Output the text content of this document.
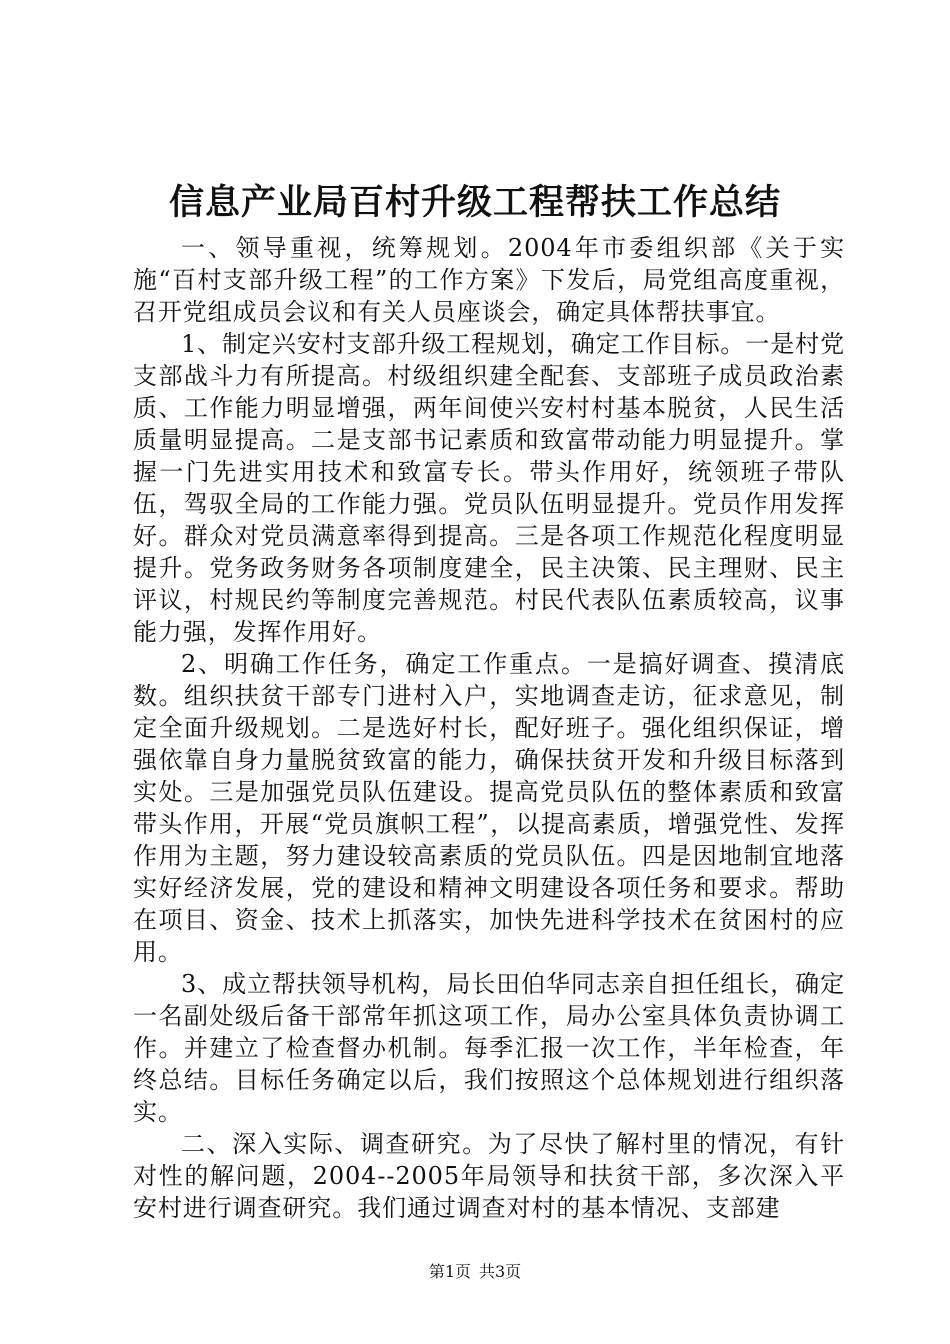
信息产业局百村升级工程帮扶工作总结

一、领导重视，统筹规划。2004年市委组织部《关于实施“百村支部升级工程”的工作方案》下发后，局党组高度重视，召开党组成员会议和有关人员座谈会，确定具体帮扶事宜。

1、制定兴安村支部升级工程规划，确定工作目标。一是村党支部战斗力有所提高。村级组织建全配套、支部班子成员政治素质、工作能力明显增强，两年间使兴安村村基本脱贫，人民生活质量明显提高。二是支部书记素质和致富带动能力明显提升。掌握一门先进实用技术和致富专长。带头作用好，统领班子带队伍，驾驭全局的工作能力强。党员队伍明显提升。党员作用发挥好。群众对党员满意率得到提高。三是各项工作规范化程度明显提升。党务政务财务各项制度建全，民主决策、民主理财、民主评议，村规民约等制度完善规范。村民代表队伍素质较高，议事能力强，发挥作用好。

2、明确工作任务，确定工作重点。一是搞好调查、摸清底数。组织扶贫干部专门进村入户，实地调查走访，征求意见，制定全面升级规划。二是选好村长，配好班子。强化组织保证，增强依靠自身力量脱贫致富的能力，确保扶贫开发和升级目标落到实处。三是加强党员队伍建设。提高党员队伍的整体素质和致富带头作用，开展“党员旗帜工程”，以提高素质，增强党性、发挥作用为主题，努力建设较高素质的党员队伍。四是因地制宜地落实好经济发展，党的建设和精神文明建设各项任务和要求。帮助在项目、资金、技术上抓落实，加快先进科学技术在贫困村的应用。

3、成立帮扶领导机构，局长田伯华同志亲自担任组长，确定一名副处级后备干部常年抓这项工作，局办公室具体负责协调工作。并建立了检查督办机制。每季汇报一次工作，半年检查，年终总结。目标任务确定以后，我们按照这个总体规划进行组织落实。

二、深入实际、调查研究。为了尽快了解村里的情况，有针对性的解问题，2004--2005年局领导和扶贫干部，多次深入平安村进行调查研究。我们通过调查对村的基本情况、支部建

第1页 共3页
